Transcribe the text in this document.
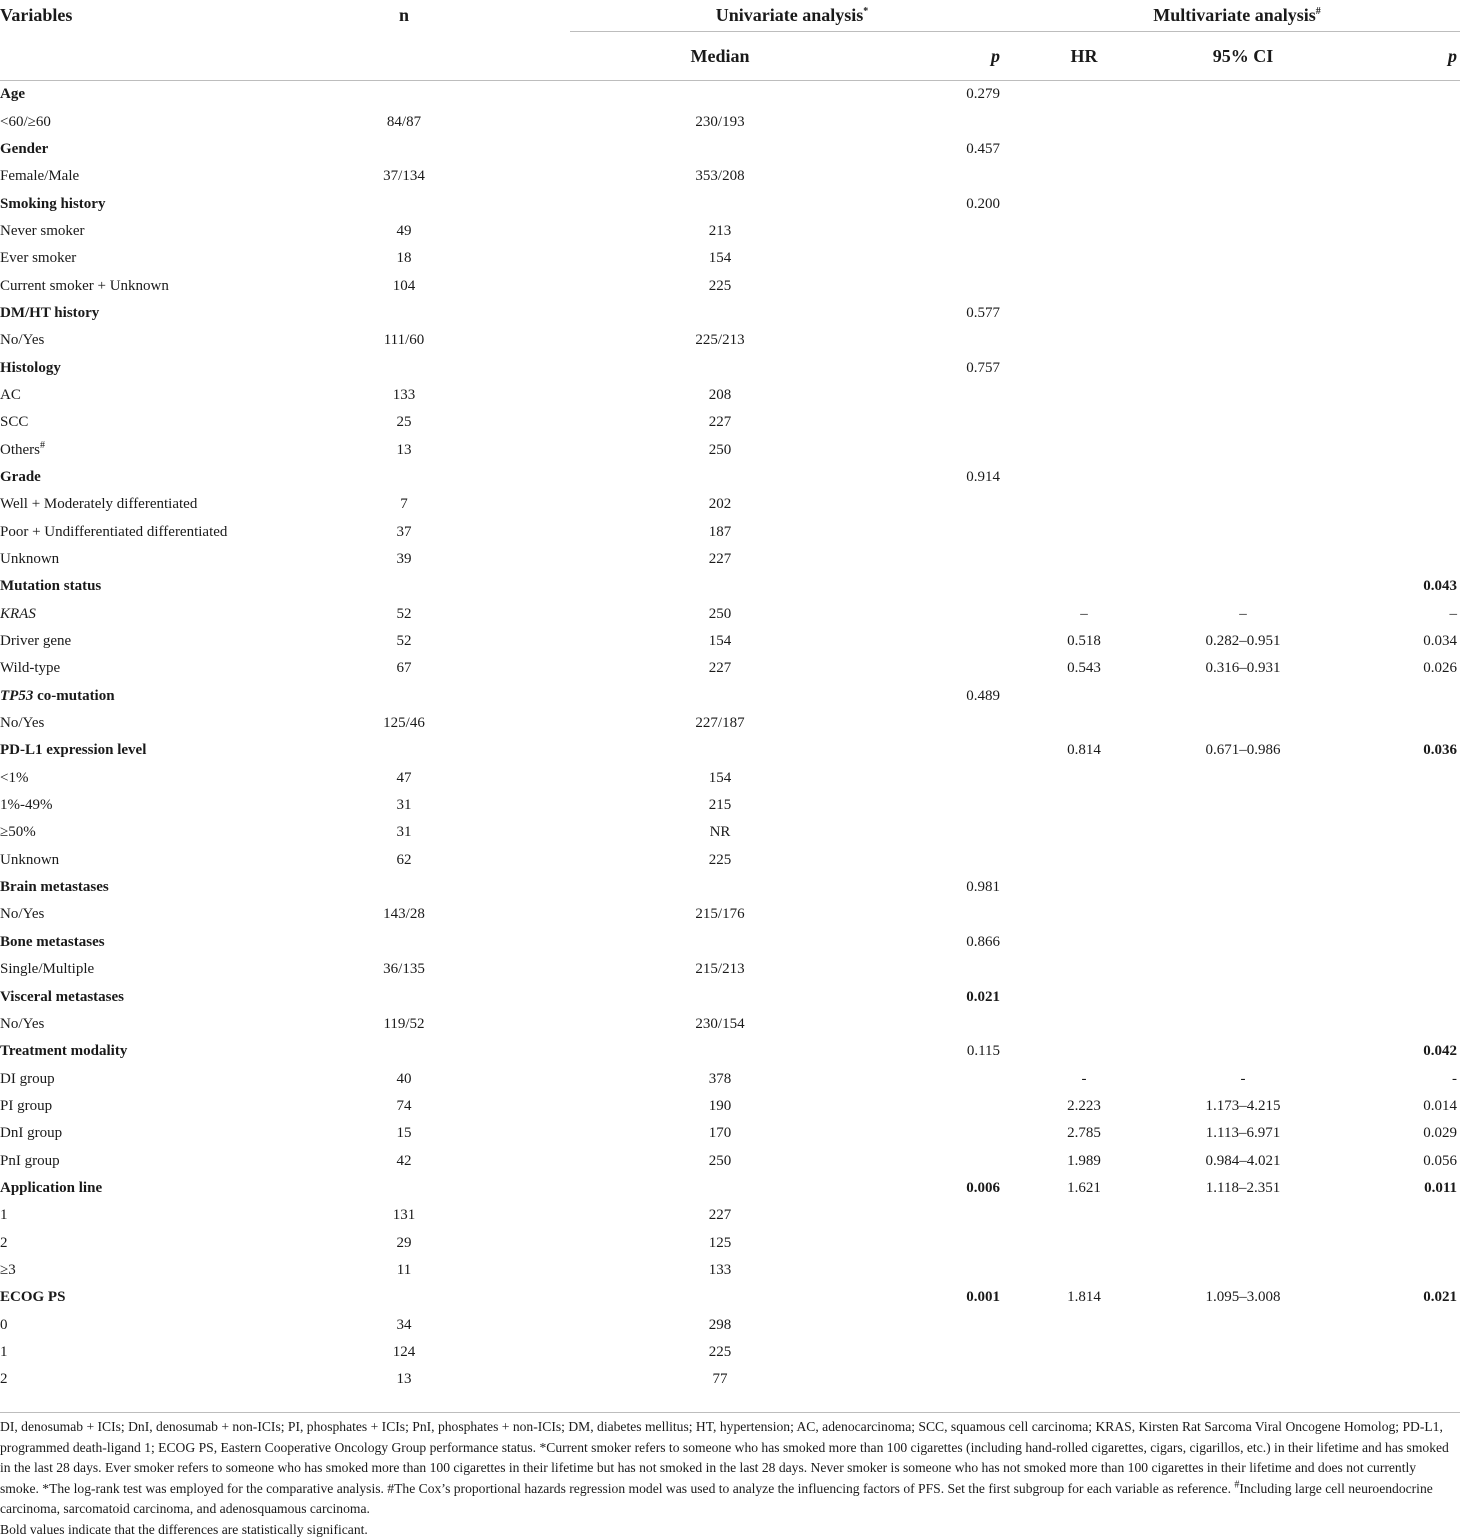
Variables	n		Univariate analysis*		Multivariate analysis#
			Median	p	HR 95% CI	p
Age				0.279	

<60/≥60	84/87		230/193		

Gender				0.457	

Female/Male	37/134		353/208		

Smoking history				0.200	

Never smoker	49		213		

Ever smoker	18		154		

Current smoker + Unknown	104		225		

DM/HT history				0.577	

No/Yes	111/60		225/213		

Histology				0.757	

AC	133		208		

SCC	25		227		

Others#	13		250		

Grade				0.914	

Well + Moderately differentiated	7		202		

Poor + Undifferentiated differentiated	37		187		

Unknown	39		227		

Mutation status						0.043
KRAS	52		250		– –	–
Driver gene	52		154		0.518 0.282–0.951	0.034
Wild-type	67		227		0.543 0.316–0.931	0.026
TP53 co-mutation				0.489	

No/Yes	125/46		227/187		

PD-L1 expression level					0.814 0.671–0.986	0.036
<1%	47		154		

1%-49%	31		215		

≥50%	31		NR		

Unknown	62		225		

Brain metastases				0.981	

No/Yes	143/28		215/176		

Bone metastases				0.866	

Single/Multiple	36/135		215/213		

Visceral metastases				0.021	

No/Yes	119/52		230/154		

Treatment modality				0.115		0.042
DI group	40		378		- -	-
PI group	74		190		2.223 1.173–4.215	0.014
DnI group	15		170		2.785 1.113–6.971	0.029
PnI group	42		250		1.989 0.984–4.021	0.056
Application line				0.006	1.621 1.118–2.351	0.011
1	131		227		

2	29		125		

≥3	11		133		

ECOG PS				0.001	1.814 1.095–3.008	0.021
0	34		298		

1	124		225		

2	13		77		

DI, denosumab + ICIs; DnI, denosumab + non-ICIs; PI, phosphates + ICIs; PnI, phosphates + non-ICIs; DM, diabetes mellitus; HT, hypertension; AC, adenocarcinoma; SCC, squamous cell carcinoma; KRAS, Kirsten Rat Sarcoma Viral Oncogene Homolog; PD-L1, programmed death-ligand 1; ECOG PS, Eastern Cooperative Oncology Group performance status. *Current smoker refers to someone who has smoked more than 100 cigarettes (including hand-rolled cigarettes, cigars, cigarillos, etc.) in their lifetime and has smoked in the last 28 days. Ever smoker refers to someone who has smoked more than 100 cigarettes in their lifetime but has not smoked in the last 28 days. Never smoker is someone who has not smoked more than 100 cigarettes in their lifetime and does not currently smoke. *The log-rank test was employed for the comparative analysis. #The Cox’s proportional hazards regression model was used to analyze the influencing factors of PFS. Set the first subgroup for each variable as reference. #Including large cell neuroendocrine carcinoma, sarcomatoid carcinoma, and adenosquamous carcinoma.
Bold values indicate that the differences are statistically significant.
